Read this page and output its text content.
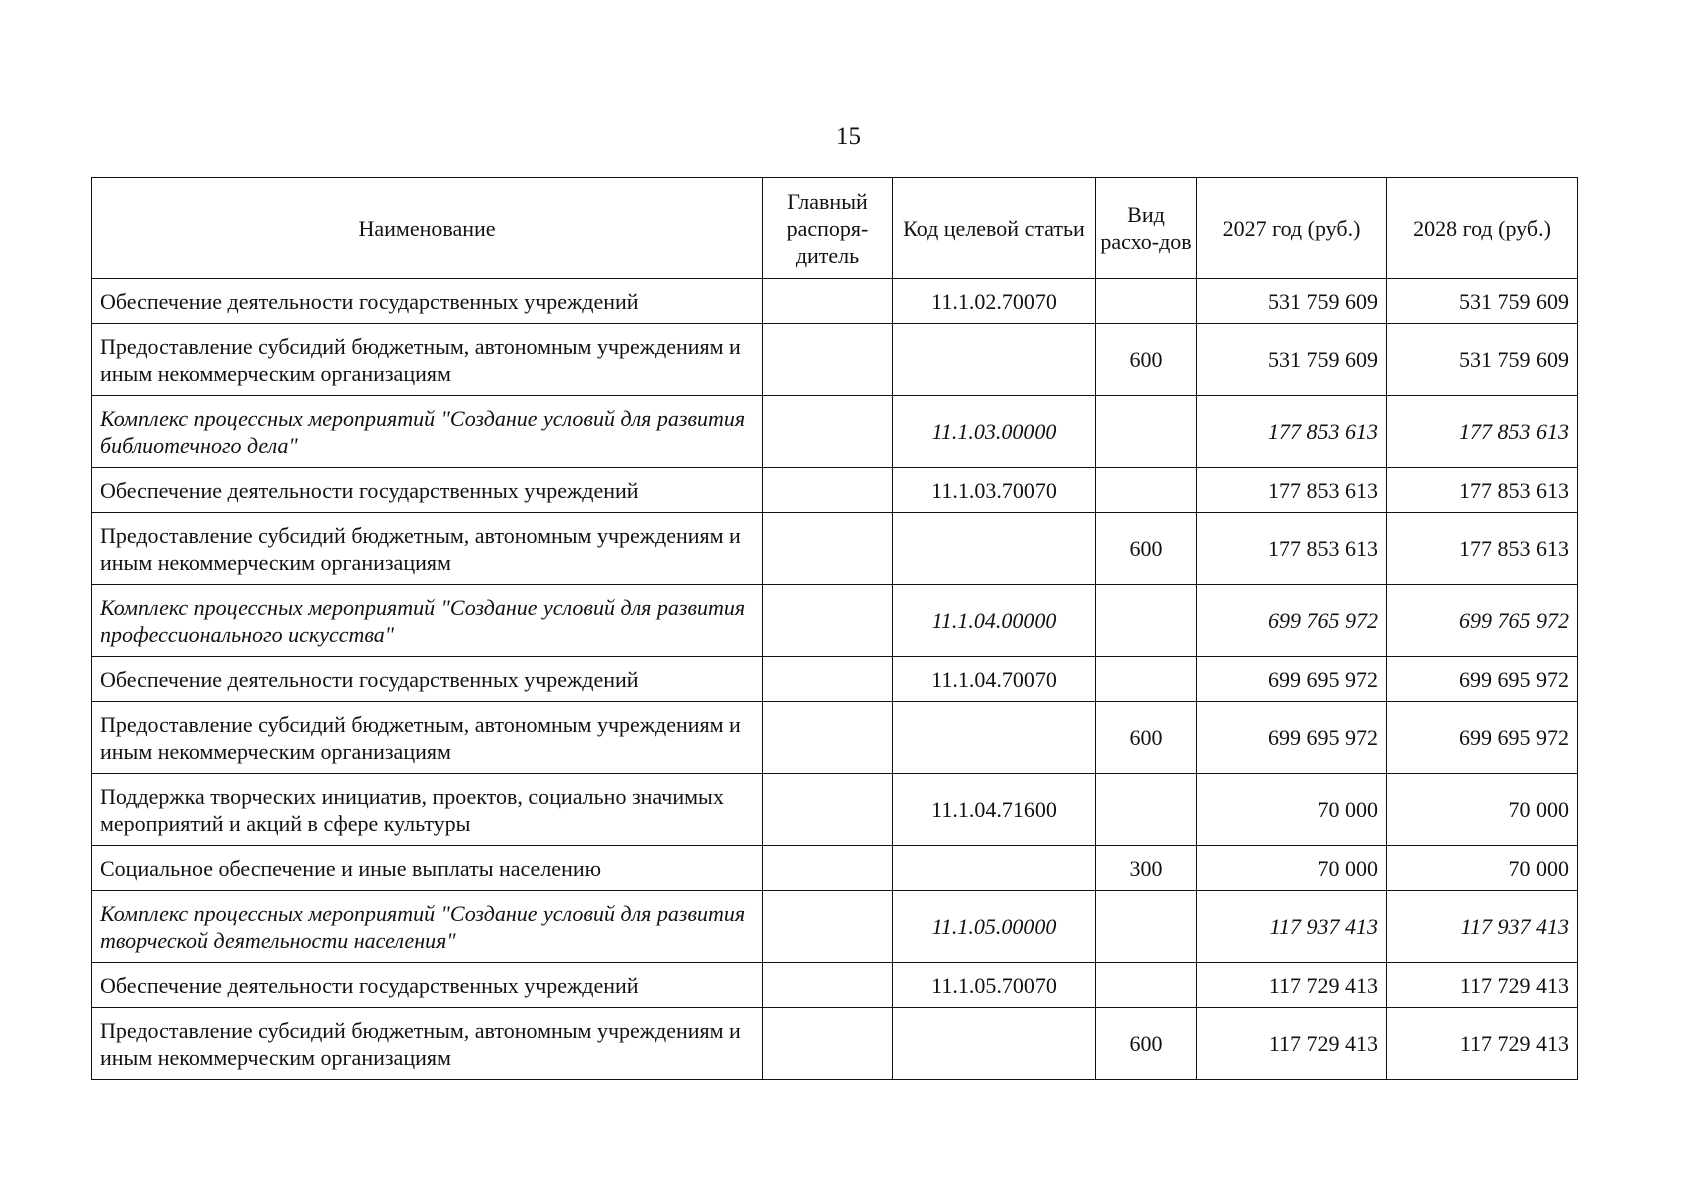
15
Наименование	Главный распоря-дитель	Код целевой статьи	Вид расхо-дов	2027 год (руб.)	2028 год (руб.)
Обеспечение деятельности государственных учреждений		11.1.02.70070		531 759 609	531 759 609
Предоставление субсидий бюджетным, автономным учреждениям и иным некоммерческим организациям			600	531 759 609	531 759 609
Комплекс процессных мероприятий "Создание условий для развития библиотечного дела"		11.1.03.00000		177 853 613	177 853 613
Обеспечение деятельности государственных учреждений		11.1.03.70070		177 853 613	177 853 613
Предоставление субсидий бюджетным, автономным учреждениям и иным некоммерческим организациям			600	177 853 613	177 853 613
Комплекс процессных мероприятий "Создание условий для развития профессионального искусства"		11.1.04.00000		699 765 972	699 765 972
Обеспечение деятельности государственных учреждений		11.1.04.70070		699 695 972	699 695 972
Предоставление субсидий бюджетным, автономным учреждениям и иным некоммерческим организациям			600	699 695 972	699 695 972
Поддержка творческих инициатив, проектов, социально значимых мероприятий и акций в сфере культуры		11.1.04.71600		70 000	70 000
Социальное обеспечение и иные выплаты населению			300	70 000	70 000
Комплекс процессных мероприятий "Создание условий для развития творческой деятельности населения"		11.1.05.00000		117 937 413	117 937 413
Обеспечение деятельности государственных учреждений		11.1.05.70070		117 729 413	117 729 413
Предоставление субсидий бюджетным, автономным учреждениям и иным некоммерческим организациям			600	117 729 413	117 729 413
